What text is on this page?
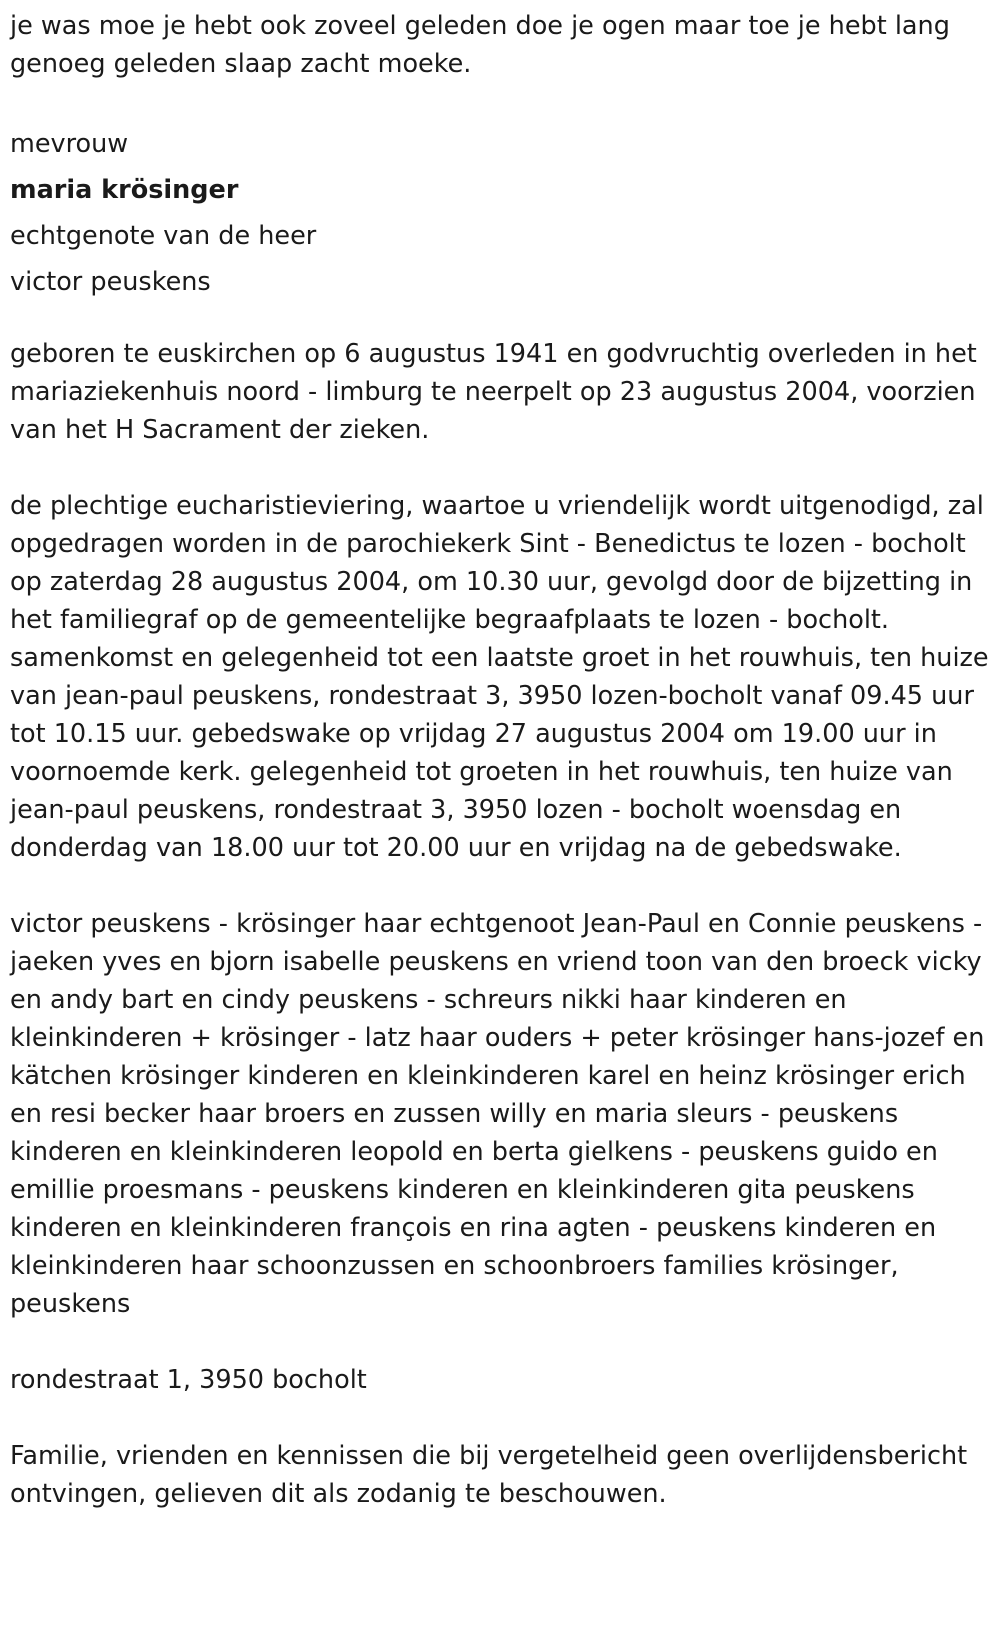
je was moe je hebt ook zoveel geleden doe je ogen maar toe je hebt lang genoeg geleden slaap zacht moeke.

mevrouw

maria krösinger

echtgenote van de heer

victor peuskens

geboren te euskirchen op 6 augustus 1941 en godvruchtig overleden in het mariaziekenhuis noord - limburg te neerpelt op 23 augustus 2004, voorzien van het H Sacrament der zieken.

de plechtige eucharistieviering, waartoe u vriendelijk wordt uitgenodigd, zal opgedragen worden in de parochiekerk Sint - Benedictus te lozen - bocholt op zaterdag 28 augustus 2004, om 10.30 uur, gevolgd door de bijzetting in het familiegraf op de gemeentelijke begraafplaats te lozen - bocholt. samenkomst en gelegenheid tot een laatste groet in het rouwhuis, ten huize van jean-paul peuskens, rondestraat 3, 3950 lozen-bocholt vanaf 09.45 uur tot 10.15 uur. gebedswake op vrijdag 27 augustus 2004 om 19.00 uur in voornoemde kerk. gelegenheid tot groeten in het rouwhuis, ten huize van jean-paul peuskens, rondestraat 3, 3950 lozen - bocholt woensdag en donderdag van 18.00 uur tot 20.00 uur en vrijdag na de gebedswake.

victor peuskens - krösinger haar echtgenoot Jean-Paul en Connie peuskens - jaeken yves en bjorn isabelle peuskens en vriend toon van den broeck vicky en andy bart en cindy peuskens - schreurs nikki haar kinderen en kleinkinderen + krösinger - latz haar ouders + peter krösinger hans-jozef en kätchen krösinger kinderen en kleinkinderen karel en heinz krösinger erich en resi becker haar broers en zussen willy en maria sleurs - peuskens kinderen en kleinkinderen leopold en berta gielkens - peuskens guido en emillie proesmans - peuskens kinderen en kleinkinderen gita peuskens kinderen en kleinkinderen françois en rina agten - peuskens kinderen en kleinkinderen haar schoonzussen en schoonbroers families krösinger, peuskens

rondestraat 1, 3950 bocholt

Familie, vrienden en kennissen die bij vergetelheid geen overlijdensbericht ontvingen, gelieven dit als zodanig te beschouwen.
